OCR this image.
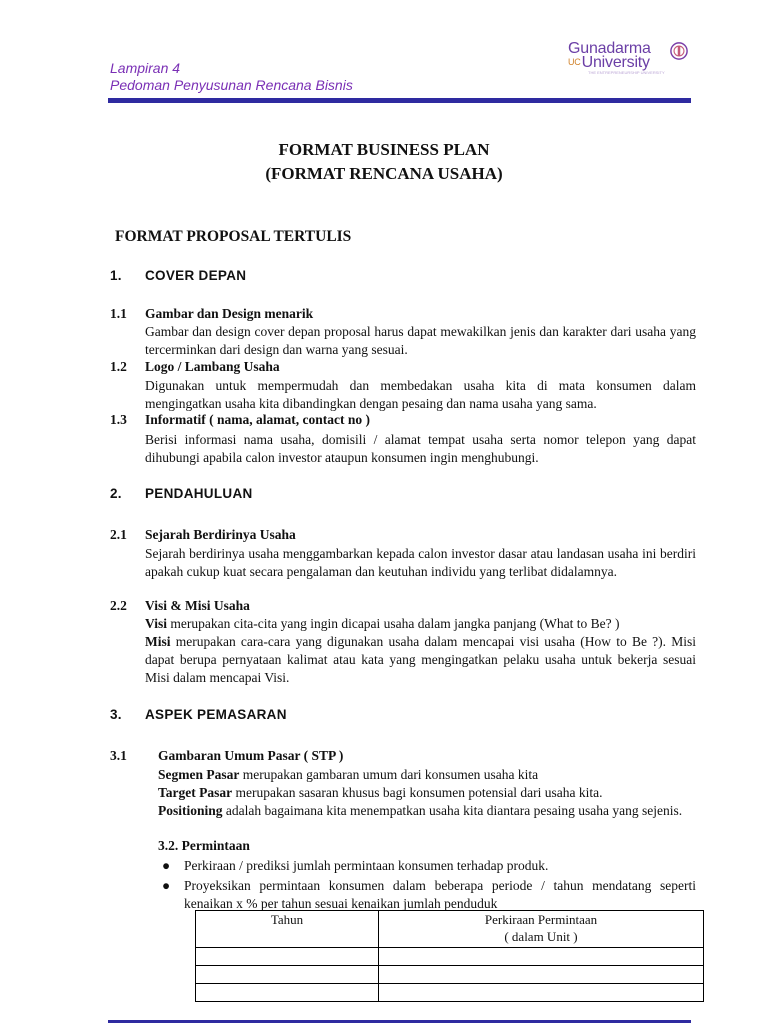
Lampiran 4
Pedoman Penyusunan Rencana Bisnis
Gunadarma
UCUniversity
THE ENTREPRENEURSHIP UNIVERSITY
FORMAT BUSINESS PLAN
(FORMAT RENCANA USAHA)
FORMAT PROPOSAL TERTULIS
1. COVER DEPAN
1.1 Gambar dan Design menarik
Gambar dan design cover depan proposal harus dapat mewakilkan jenis dan karakter dari usaha yang tercerminkan dari design dan warna yang sesuai.
1.2 Logo / Lambang Usaha
Digunakan untuk mempermudah dan membedakan usaha kita di mata konsumen dalam mengingatkan usaha kita dibandingkan dengan pesaing dan nama usaha yang sama.
1.3 Informatif ( nama, alamat, contact no )
Berisi informasi nama usaha, domisili / alamat tempat usaha serta nomor telepon yang dapat dihubungi apabila calon investor ataupun konsumen ingin menghubungi.
2. PENDAHULUAN
2.1 Sejarah Berdirinya Usaha
Sejarah berdirinya usaha menggambarkan kepada calon investor dasar atau landasan usaha ini berdiri apakah cukup kuat secara pengalaman dan keutuhan individu yang terlibat didalamnya.
2.2 Visi & Misi Usaha
Visi merupakan cita-cita yang ingin dicapai usaha dalam jangka panjang (What to Be? )
Misi merupakan cara-cara yang digunakan usaha dalam mencapai visi usaha (How to Be ?). Misi dapat berupa pernyataan kalimat atau kata yang mengingatkan pelaku usaha untuk bekerja sesuai Misi dalam mencapai Visi.
3. ASPEK PEMASARAN
3.1 Gambaran Umum Pasar ( STP )
Segmen Pasar merupakan gambaran umum dari konsumen usaha kita
Target Pasar merupakan sasaran khusus bagi konsumen potensial dari usaha kita.
Positioning adalah bagaimana kita menempatkan usaha kita diantara pesaing usaha yang sejenis.
3.2. Permintaan
● Perkiraan / prediksi jumlah permintaan konsumen terhadap produk.
● Proyeksikan permintaan konsumen dalam beberapa periode / tahun mendatang seperti kenaikan x % per tahun sesuai kenaikan jumlah penduduk
Tahun	Perkiraan Permintaan
( dalam Unit )
